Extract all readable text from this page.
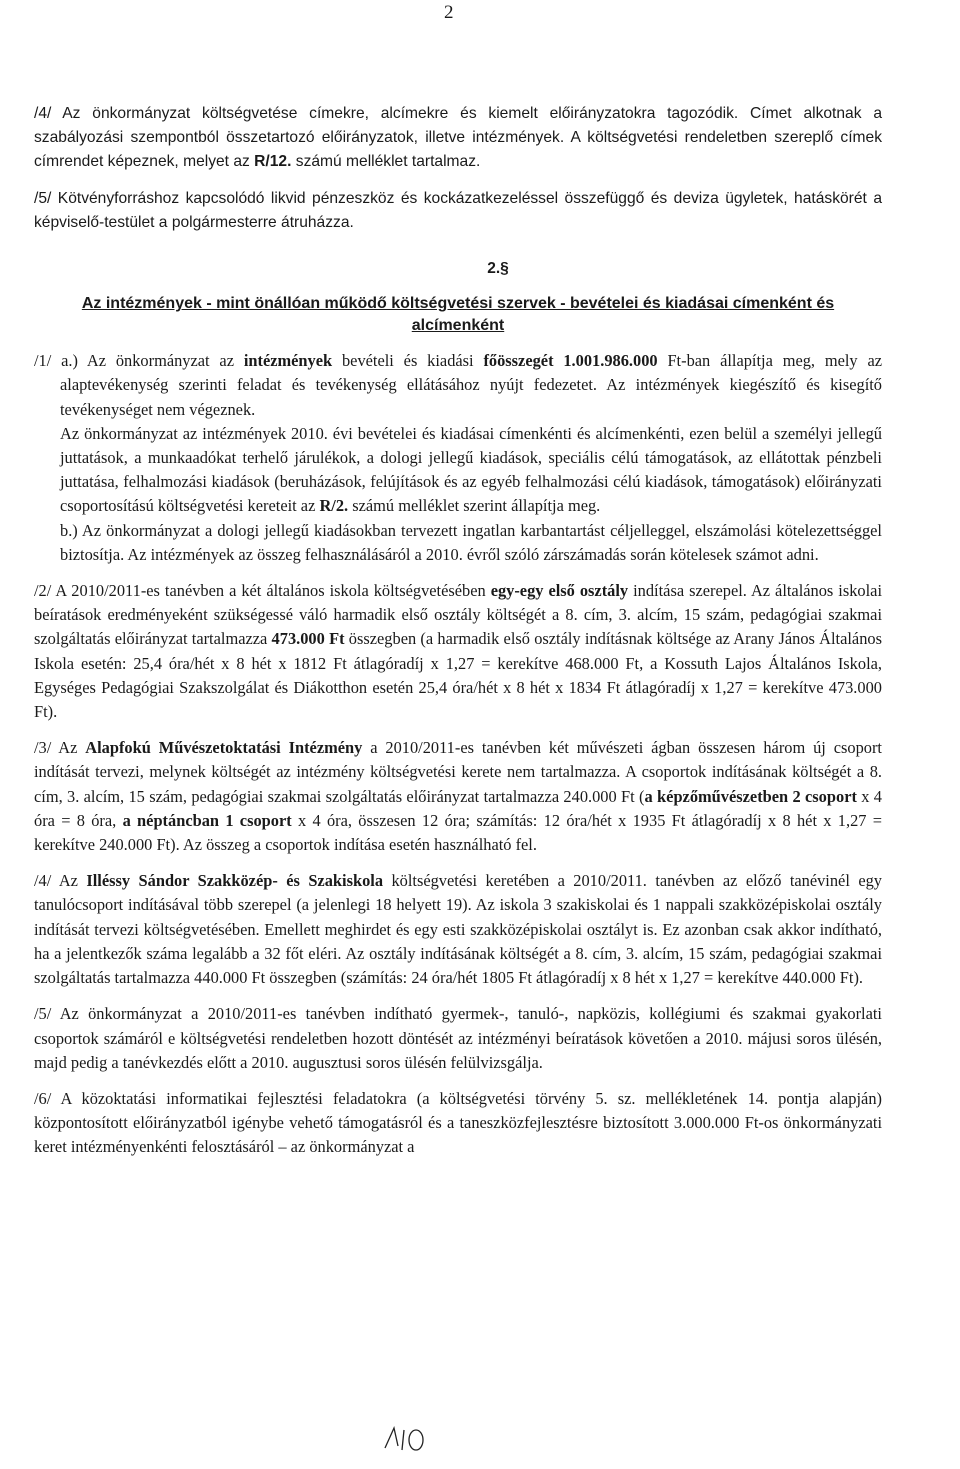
2

/4/ Az önkormányzat költségvetése címekre, alcímekre és kiemelt előirányzatokra tagozódik. Címet alkotnak a szabályozási szempontból összetartozó előirányzatok, illetve intézmények. A költségvetési rendeletben szereplő címek címrendet képeznek, melyet az R/12. számú melléklet tartalmaz.

/5/ Kötvényforráshoz kapcsolódó likvid pénzeszköz és kockázatkezeléssel összefüggő és deviza ügyletek, hatáskörét a képviselő-testület a polgármesterre átruházza.

2.§
Az intézmények - mint önállóan működő költségvetési szervek - bevételei és kiadásai címenként és alcímenként

/1/ a.) Az önkormányzat az intézmények bevételi és kiadási főösszegét 1.001.986.000 Ft-ban állapítja meg, mely az alaptevékenység szerinti feladat és tevékenység ellátásához nyújt fedezetet. Az intézmények kiegészítő és kisegítő tevékenységet nem végeznek.

Az önkormányzat az intézmények 2010. évi bevételei és kiadásai címenkénti és alcímenkénti, ezen belül a személyi jellegű juttatások, a munkaadókat terhelő járulékok, a dologi jellegű kiadások, speciális célú támogatások, az ellátottak pénzbeli juttatása, felhalmozási kiadások (beruházások, felújítások és az egyéb felhalmozási célú kiadások, támogatások) előirányzati csoportosítású költségvetési kereteit az R/2. számú melléklet szerint állapítja meg.

b.) Az önkormányzat a dologi jellegű kiadásokban tervezett ingatlan karbantartást céljelleggel, elszámolási kötelezettséggel biztosítja. Az intézmények az összeg felhasználásáról a 2010. évről szóló zárszámadás során kötelesek számot adni.

/2/ A 2010/2011-es tanévben a két általános iskola költségvetésében egy-egy első osztály indítása szerepel. Az általános iskolai beíratások eredményeként szükségessé váló harmadik első osztály költségét a 8. cím, 3. alcím, 15 szám, pedagógiai szakmai szolgáltatás előirányzat tartalmazza 473.000 Ft összegben (a harmadik első osztály indításnak költsége az Arany János Általános Iskola esetén: 25,4 óra/hét x 8 hét x 1812 Ft átlagóradíj x 1,27 = kerekítve 468.000 Ft, a Kossuth Lajos Általános Iskola, Egységes Pedagógiai Szakszolgálat és Diákotthon esetén 25,4 óra/hét x 8 hét x 1834 Ft átlagóradíj x 1,27 = kerekítve 473.000 Ft).

/3/ Az Alapfokú Művészetoktatási Intézmény a 2010/2011-es tanévben két művészeti ágban összesen három új csoport indítását tervezi, melynek költségét az intézmény költségvetési kerete nem tartalmazza. A csoportok indításának költségét a 8. cím, 3. alcím, 15 szám, pedagógiai szakmai szolgáltatás előirányzat tartalmazza 240.000 Ft (a képzőművészetben 2 csoport x 4 óra = 8 óra, a néptáncban 1 csoport x 4 óra, összesen 12 óra; számítás: 12 óra/hét x 1935 Ft átlagóradíj x 8 hét x 1,27 = kerekítve 240.000 Ft). Az összeg a csoportok indítása esetén használható fel.

/4/ Az Illéssy Sándor Szakközép- és Szakiskola költségvetési keretében a 2010/2011. tanévben az előző tanévinél egy tanulócsoport indításával több szerepel (a jelenlegi 18 helyett 19). Az iskola 3 szakiskolai és 1 nappali szakközépiskolai osztály indítását tervezi költségvetésében. Emellett meghirdet és egy esti szakközépiskolai osztályt is. Ez azonban csak akkor indítható, ha a jelentkezők száma legalább a 32 főt eléri. Az osztály indításának költségét a 8. cím, 3. alcím, 15 szám, pedagógiai szakmai szolgáltatás tartalmazza 440.000 Ft összegben (számítás: 24 óra/hét 1805 Ft átlagóradíj x 8 hét x 1,27 = kerekítve 440.000 Ft).

/5/ Az önkormányzat a 2010/2011-es tanévben indítható gyermek-, tanuló-, napközis, kollégiumi és szakmai gyakorlati csoportok számáról e költségvetési rendeletben hozott döntését az intézményi beíratások követően a 2010. májusi soros ülésén, majd pedig a tanévkezdés előtt a 2010. augusztusi soros ülésén felülvizsgálja.

/6/ A közoktatási informatikai fejlesztési feladatokra (a költségvetési törvény 5. sz. mellékletének 14. pontja alapján) központosított előirányzatból igénybe vehető támogatásról és a taneszközfejlesztésre biztosított 3.000.000 Ft-os önkormányzati keret intézményenkénti felosztásáról – az önkormányzat a
